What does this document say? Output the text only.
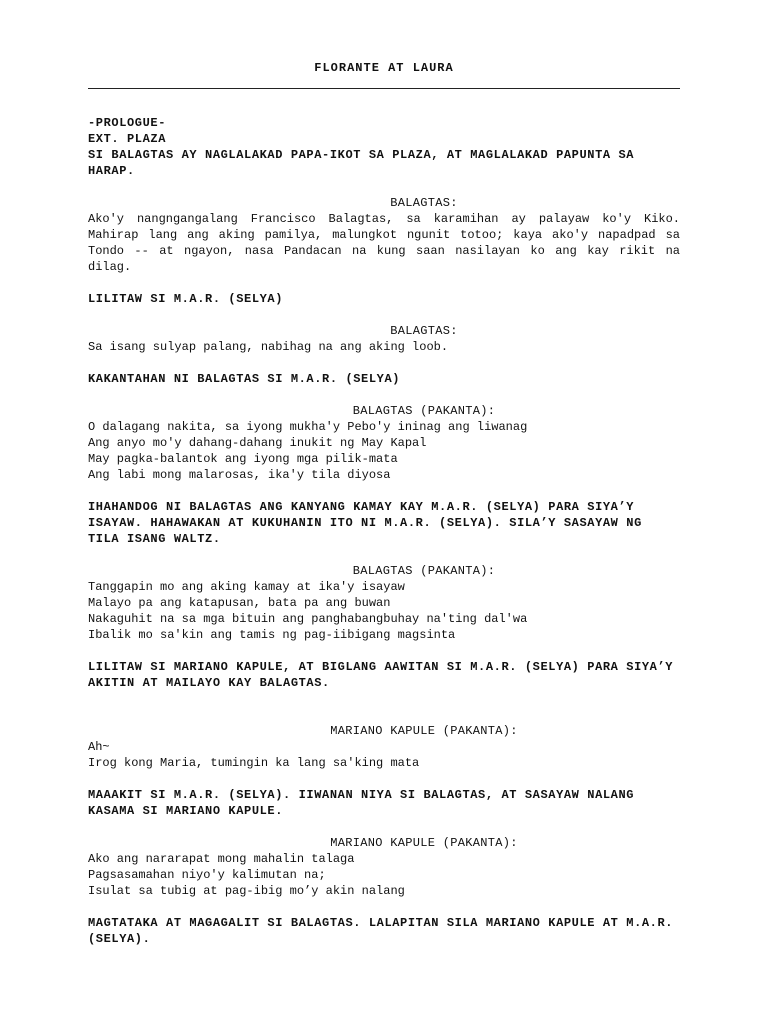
FLORANTE AT LAURA
-PROLOGUE-
EXT. PLAZA
SI BALAGTAS AY NAGLALAKAD PAPA-IKOT SA PLAZA, AT MAGLALAKAD PAPUNTA SA HARAP.
BALAGTAS:
Ako'y nangngangalang Francisco Balagtas, sa karamihan ay palayaw ko'y Kiko. Mahirap lang ang aking pamilya, malungkot ngunit totoo; kaya ako'y napadpad sa Tondo -- at ngayon, nasa Pandacan na kung saan nasilayan ko ang kay rikit na dilag.
LILITAW SI M.A.R. (SELYA)
BALAGTAS:
Sa isang sulyap palang, nabihag na ang aking loob.
KAKANTAHAN NI BALAGTAS SI M.A.R. (SELYA)
BALAGTAS (PAKANTA):
O dalagang nakita, sa iyong mukha'y Pebo'y ininag ang liwanag
Ang anyo mo'y dahang-dahang inukit ng May Kapal
May pagka-balantok ang iyong mga pilik-mata
Ang labi mong malarosas, ika'y tila diyosa
IHAHANDOG NI BALAGTAS ANG KANYANG KAMAY KAY M.A.R. (SELYA) PARA SIYA’Y ISAYAW. HAHAWAKAN AT KUKUHANIN ITO NI M.A.R. (SELYA). SILA’Y SASAYAW NG TILA ISANG WALTZ.
BALAGTAS (PAKANTA):
Tanggapin mo ang aking kamay at ika'y isayaw
Malayo pa ang katapusan, bata pa ang buwan
Nakaguhit na sa mga bituin ang panghabangbuhay na'ting dal'wa
Ibalik mo sa'kin ang tamis ng pag-iibigang magsinta
LILITAW SI MARIANO KAPULE, AT BIGLANG AAWITAN SI M.A.R. (SELYA) PARA SIYA’Y AKITIN AT MAILAYO KAY BALAGTAS.
MARIANO KAPULE (PAKANTA):
Ah~
Irog kong Maria, tumingin ka lang sa'king mata
MAAAKIT SI M.A.R. (SELYA). IIWANAN NIYA SI BALAGTAS, AT SASAYAW NALANG KASAMA SI MARIANO KAPULE.
MARIANO KAPULE (PAKANTA):
Ako ang nararapat mong mahalin talaga
Pagsasamahan niyo'y kalimutan na;
Isulat sa tubig at pag-ibig mo’y akin nalang
MAGTATAKA AT MAGAGALIT SI BALAGTAS. LALAPITAN SILA MARIANO KAPULE AT M.A.R. (SELYA).
